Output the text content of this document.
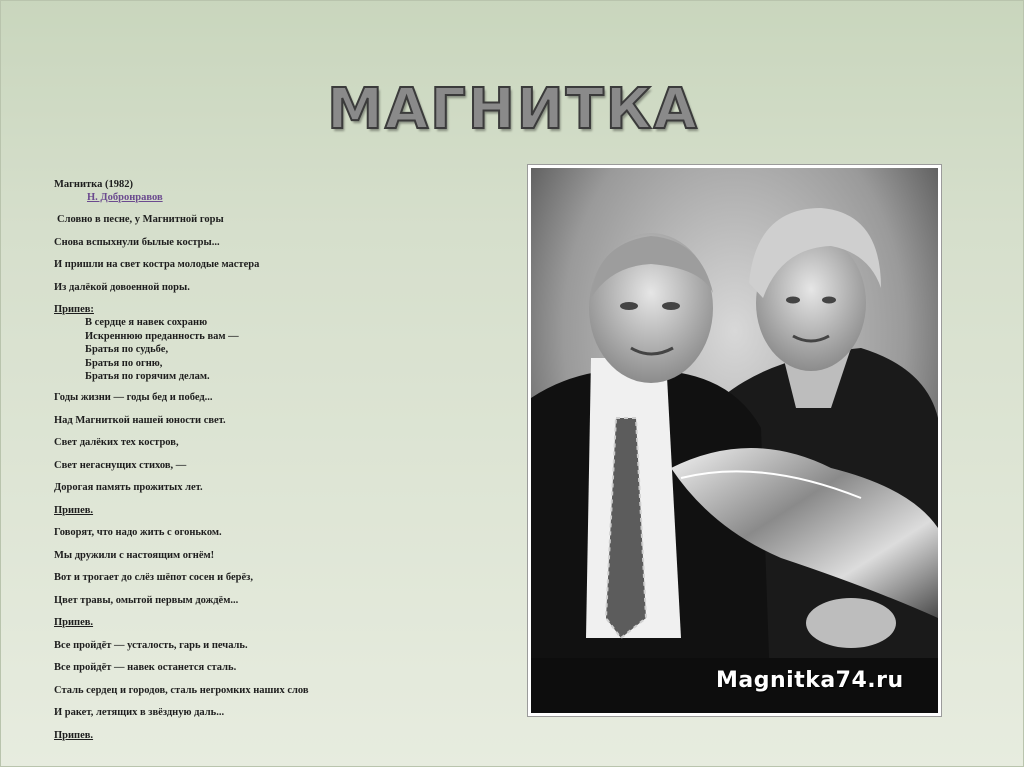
МАГНИТКА
Магнитка (1982)
Н. Добронравов
Словно в песне, у Магнитной горы
Снова вспыхнули былые костры...
И пришли на свет костра молодые мастера
Из далёкой довоенной поры.
Припев:
В сердце я навек сохраню
Искреннюю преданность вам —
Братья по судьбе,
Братья по огню,
Братья по горячим делам.
Годы жизни — годы бед и побед...
Над Магниткой нашей юности свет.
Свет далёких тех костров,
Свет негаснущих стихов, —
Дорогая память прожитых лет.
Припев.
Говорят, что надо жить с огоньком.
Мы дружили с настоящим огнём!
Вот и трогает до слёз шёпот сосен и берёз,
Цвет травы, омытой первым дождём...
Припев.
Все пройдёт — усталость, гарь и печаль.
Все пройдёт — навек останется сталь.
Сталь сердец и городов, сталь негромких наших слов
И ракет, летящих в звёздную даль...
Припев.
Magnitka74.ru
